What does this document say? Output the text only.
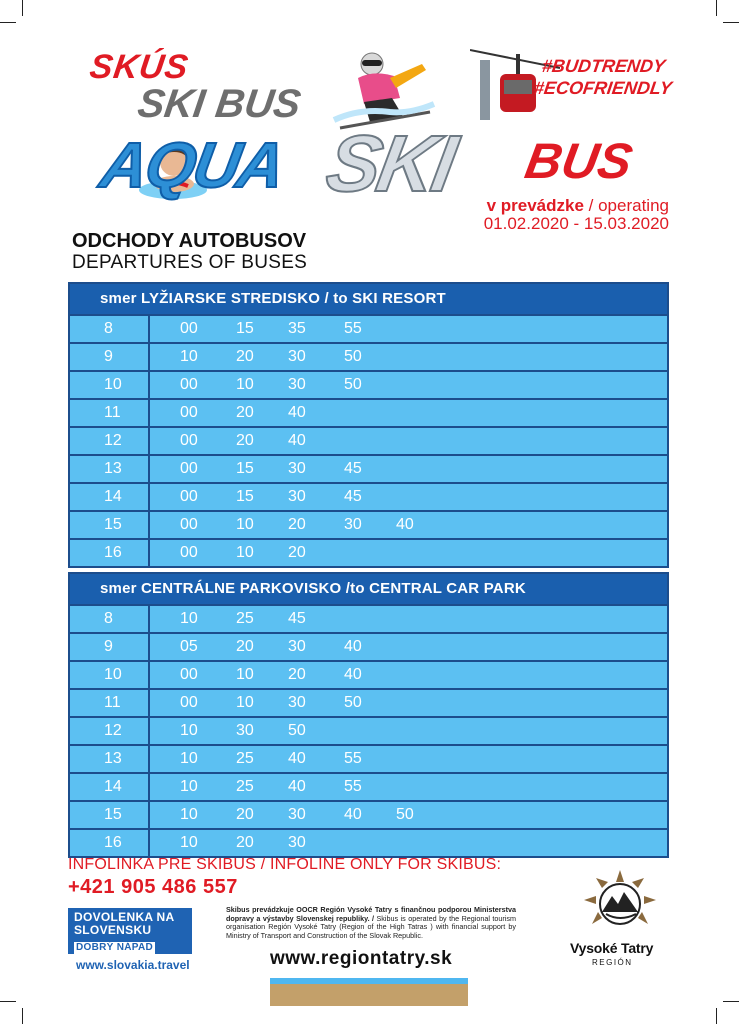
SKÚS
SKI BUS
AQUA SKI BUS
#BUDTRENDY
#ECOFRIENDLY
v prevádzke / operating
01.02.2020 - 15.03.2020
ODCHODY AUTOBUSOV
DEPARTURES OF BUSES
smer LYŽIARSKE STREDISKO / to SKI RESORT
8	00 15 35 55
9	10 20 30 50
10	00 10 30 50
11	00 20 40
12	00 20 40
13	00 15 30 45
14	00 15 30 45
15	00 10 20 30 40
16	00 10 20
smer CENTRÁLNE PARKOVISKO /to CENTRAL CAR PARK
8	10 25 45
9	05 20 30 40
10	00 10 20 40
11	00 10 30 50
12	10 30 50
13	10 25 40 55
14	10 25 40 55
15	10 20 30 40 50
16	10 20 30
INFOLINKA PRE SKIBUS / INFOLINE ONLY FOR SKIBUS:
+421 905 486 557
DOVOLENKA NA
SLOVENSKU
DOBRÝ NÁPAD
www.slovakia.travel
Skibus prevádzkuje OOCR Región Vysoké Tatry s finančnou podporou Ministerstva dopravy a výstavby Slovenskej republiky. / Skibus is operated by the Regional tourism organisation Región Vysoké Tatry (Region of the High Tatras ) with financial support by Ministry of Transport and Construction of the Slovak Republic.
www.regiontatry.sk	Vysoké Tatry
REGIÓN
